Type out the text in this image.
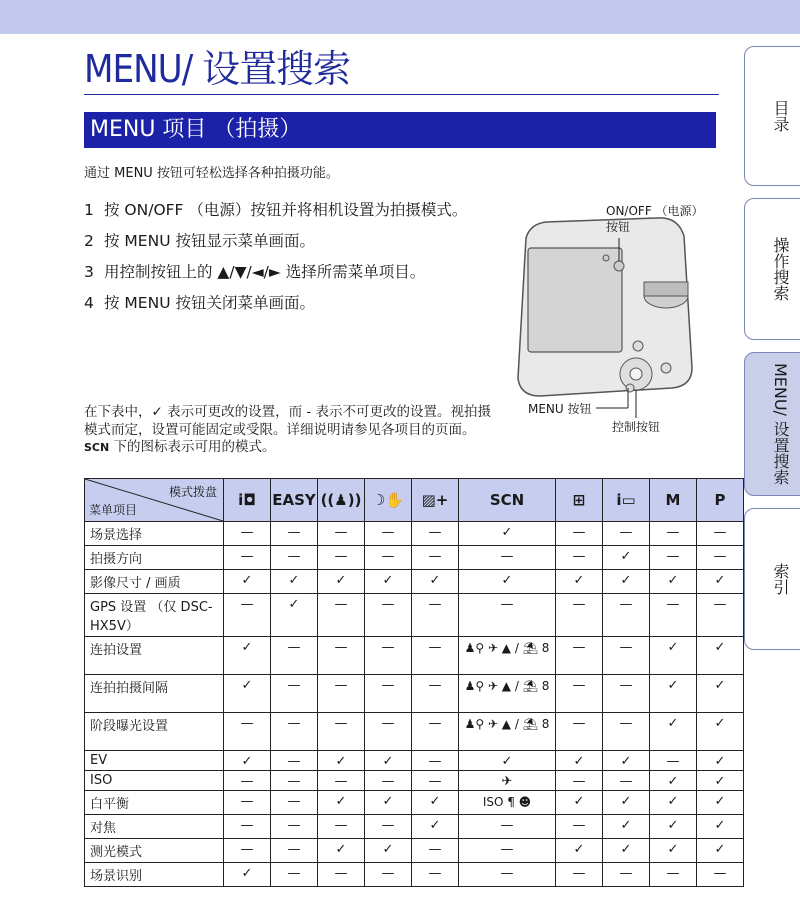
MENU/ 设置搜索
MENU 项目 （拍摄）
通过 MENU 按钮可轻松选择各种拍摄功能。
1 按 ON/OFF （电源）按钮并将相机设置为拍摄模式。
2 按 MENU 按钮显示菜单画面。
3 用控制按钮上的 ▲/▼/◄/► 选择所需菜单项目。
4 按 MENU 按钮关闭菜单画面。
在下表中，✓ 表示可更改的设置，而 - 表示不可更改的设置。视拍摄模式而定，设置可能固定或受限。详细说明请参见各项目的页面。SCN 下的图标表示可用的模式。
ON/OFF （电源）
按钮
MENU 按钮
控制按钮
模式拨盘
菜单项目	i◘	EASY	((♟))	☽✋	▨+	SCN	⊞	i▭	M	P
场景选择	—	—	—	—	—	✓	—	—	—	—

拍摄方向	—	—	—	—	—	—	—	✓	—	—

影像尺寸 / 画质	✓	✓	✓	✓	✓	✓	✓	✓	✓	✓

GPS 设置 （仅 DSC-HX5V）	—	✓	—	—	—	—	—	—	—	—

连拍设置	✓	—	—	—	—	♟⚲ ✈ ▲ / ⛱ 8	—	—	✓	✓

连拍拍摄间隔	✓	—	—	—	—	♟⚲ ✈ ▲ / ⛱ 8	—	—	✓	✓

阶段曝光设置	—	—	—	—	—	♟⚲ ✈ ▲ / ⛱ 8	—	—	✓	✓

EV	✓	—	✓	✓	—	✓	✓	✓	—	✓

ISO	—	—	—	—	—	✈	—	—	✓	✓

白平衡	—	—	✓	✓	✓	ISO ¶ ☻	✓	✓	✓	✓

对焦	—	—	—	—	✓	—	—	✓	✓	✓

测光模式	—	—	✓	✓	—	—	✓	✓	✓	✓

场景识别	✓	—	—	—	—	—	—	—	—	—
目录
操作搜索
MENU/ 设置搜索
索引
